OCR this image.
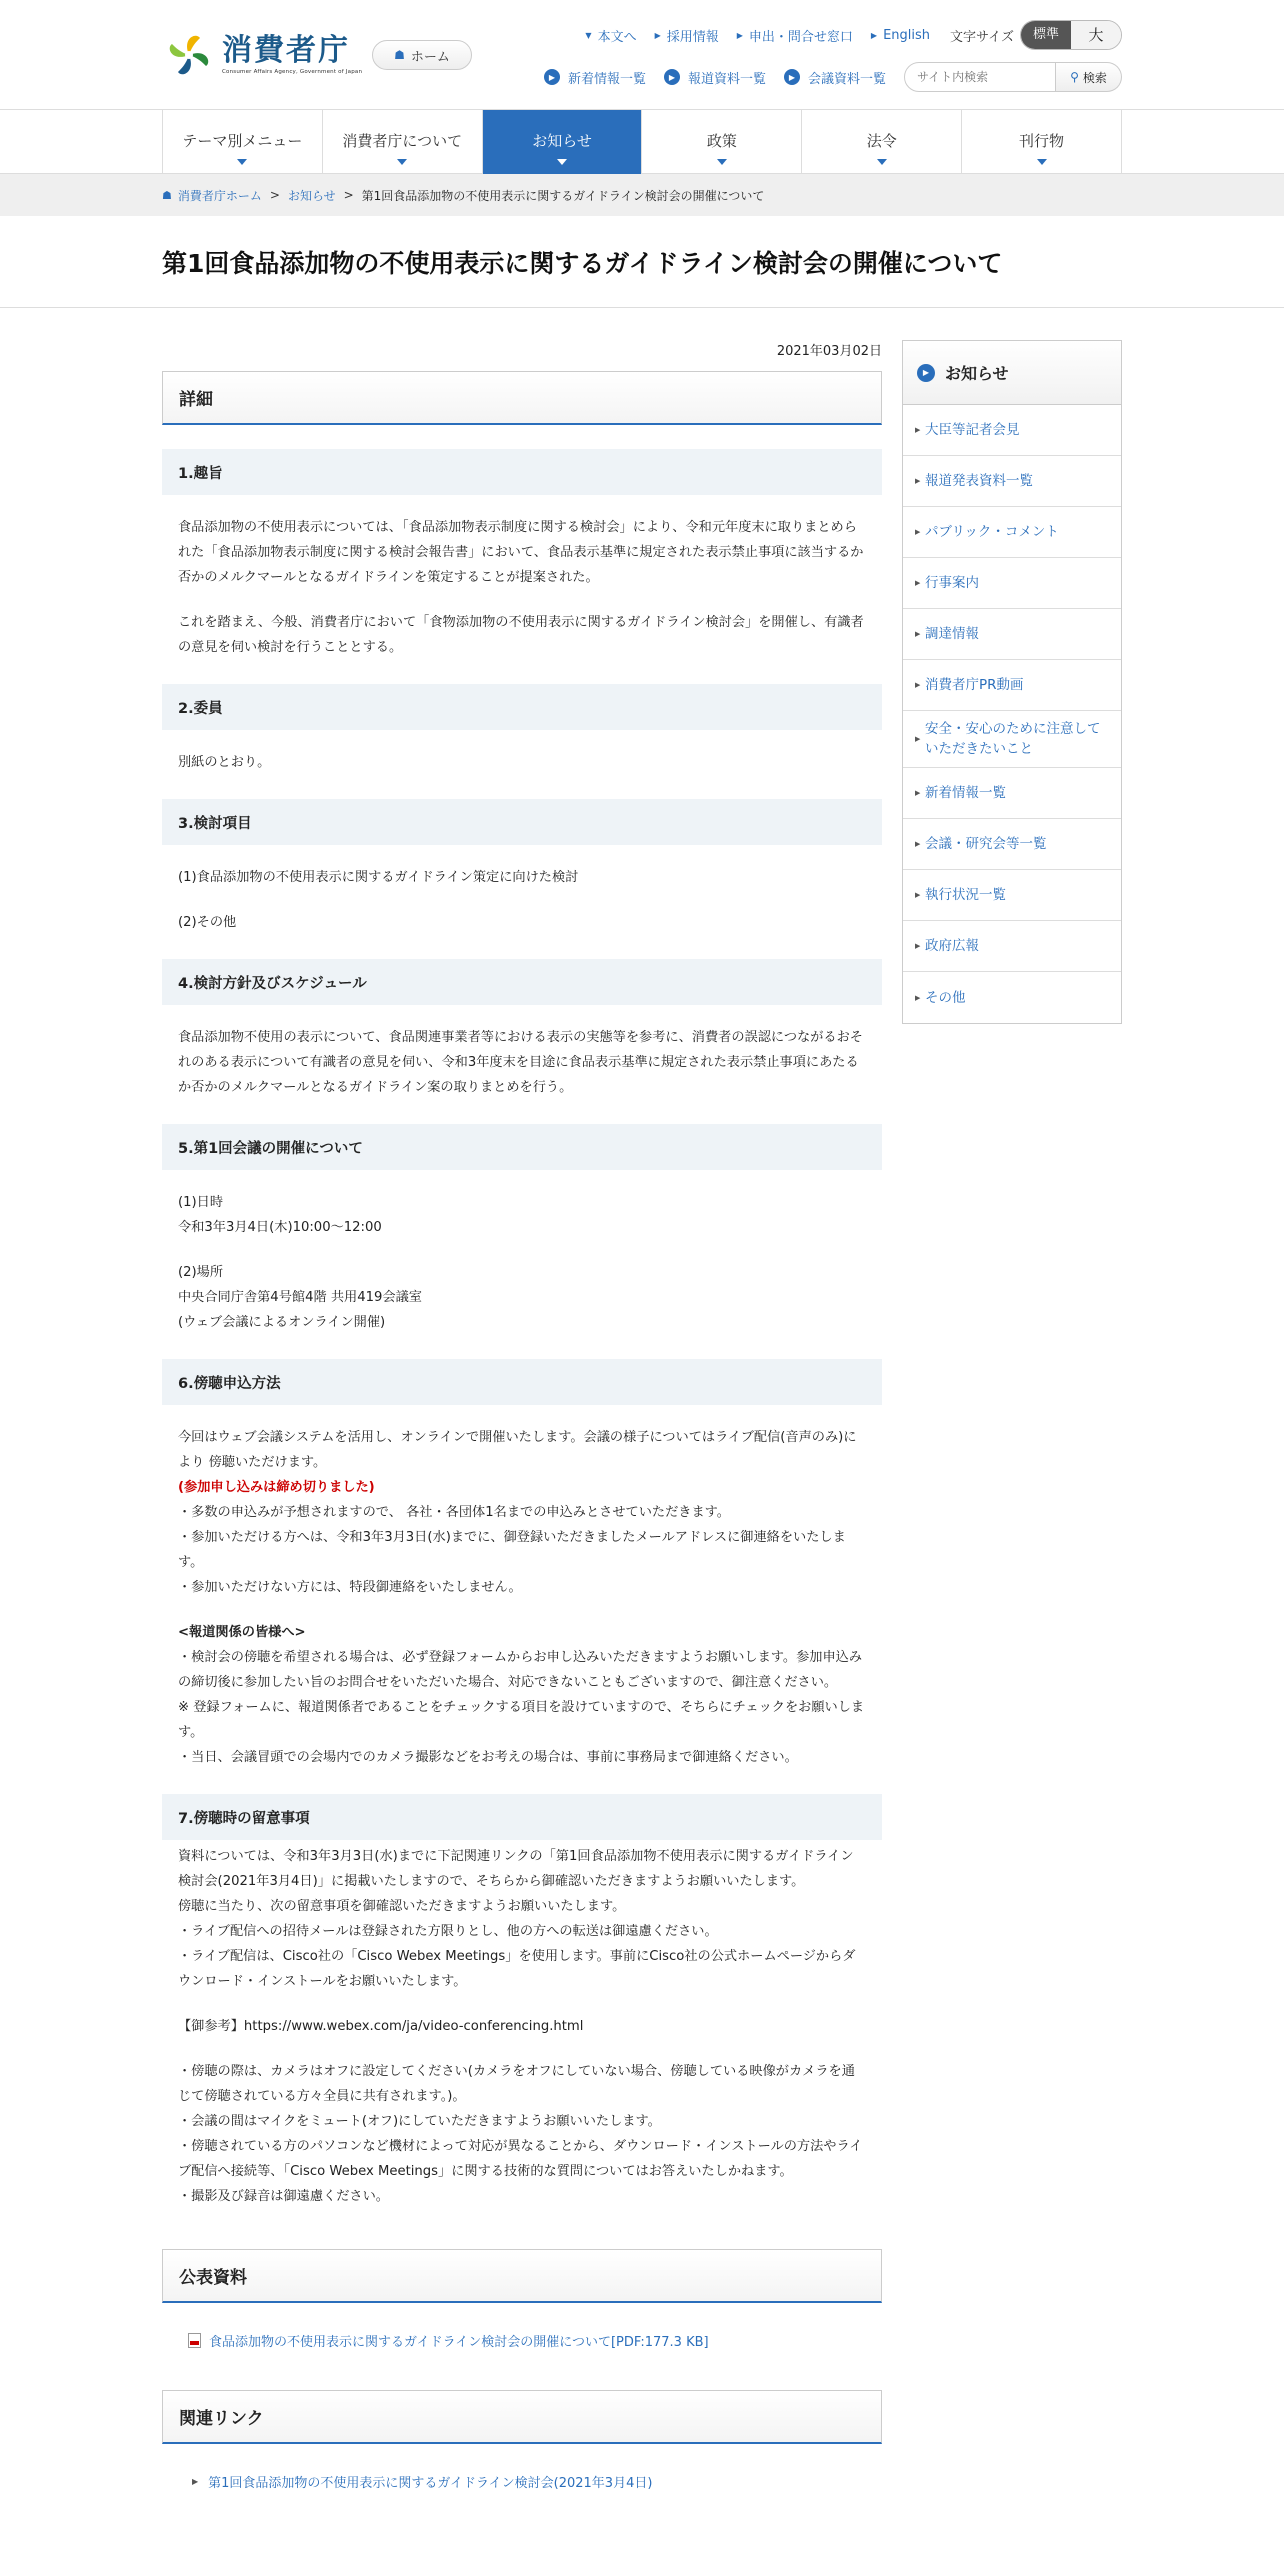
消費者庁
Consumer Affairs Agency, Government of Japan
☗ ホーム
▼ 本文へ ▶ 採用情報 ▶ 申出・問合せ窓口 ▶ English 文字サイズ	標準	大
▶ 新着情報一覧	▶ 報道資料一覧	▶ 会議資料一覧
サイト内検索	⚲ 検索
テーマ別メニュー	消費者庁について	お知らせ	政策	法令	刊行物
☗ 消費者庁ホーム > お知らせ > 第1回食品添加物の不使用表示に関するガイドライン検討会の開催について
第1回食品添加物の不使用表示に関するガイドライン検討会の開催について
2021年03月02日
詳細
1.趣旨

食品添加物の不使用表示については、「食品添加物表示制度に関する検討会」により、令和元年度末に取りまとめられた「食品添加物表示制度に関する検討会報告書」において、食品表示基準に規定された表示禁止事項に該当するか否かのメルクマールとなるガイドラインを策定することが提案された。

これを踏まえ、今般、消費者庁において「食物添加物の不使用表示に関するガイドライン検討会」を開催し、有識者の意見を伺い検討を行うこととする。

2.委員

別紙のとおり。

3.検討項目

(1)食品添加物の不使用表示に関するガイドライン策定に向けた検討

(2)その他

4.検討方針及びスケジュール

食品添加物不使用の表示について、食品関連事業者等における表示の実態等を参考に、消費者の誤認につながるおそれのある表示について有識者の意見を伺い、令和3年度末を目途に食品表示基準に規定された表示禁止事項にあたるか否かのメルクマールとなるガイドライン案の取りまとめを行う。

5.第1回会議の開催について
(1)日時
令和3年3月4日(木)10:00～12:00
(2)場所
中央合同庁舎第4号館4階 共用419会議室
(ウェブ会議によるオンライン開催)
6.傍聴申込方法
今回はウェブ会議システムを活用し、オンラインで開催いたします。会議の様子についてはライブ配信(音声のみ)により 傍聴いただけます。
(参加申し込みは締め切りました)
・多数の申込みが予想されますので、 各社・各団体1名までの申込みとさせていただきます。
・参加いただける方へは、令和3年3月3日(水)までに、御登録いただきましたメールアドレスに御連絡をいたします。
・参加いただけない方には、特段御連絡をいたしません。
<報道関係の皆様へ>
・検討会の傍聴を希望される場合は、必ず登録フォームからお申し込みいただきますようお願いします。参加申込みの締切後に参加したい旨のお問合せをいただいた場合、対応できないこともございますので、御注意ください。
※ 登録フォームに、報道関係者であることをチェックする項目を設けていますので、そちらにチェックをお願いします。
・当日、会議冒頭での会場内でのカメラ撮影などをお考えの場合は、事前に事務局まで御連絡ください。
7.傍聴時の留意事項
資料については、令和3年3月3日(水)までに下記関連リンクの「第1回食品添加物不使用表示に関するガイドライン検討会(2021年3月4日)」に掲載いたしますので、そちらから御確認いただきますようお願いいたします。
傍聴に当たり、次の留意事項を御確認いただきますようお願いいたします。
・ライブ配信への招待メールは登録された方限りとし、他の方への転送は御遠慮ください。
・ライブ配信は、Cisco社の「Cisco Webex Meetings」を使用します。事前にCisco社の公式ホームページからダウンロード・インストールをお願いいたします。

【御参考】https://www.webex.com/ja/video-conferencing.html

・傍聴の際は、カメラはオフに設定してください(カメラをオフにしていない場合、傍聴している映像がカメラを通じて傍聴されている方々全員に共有されます。)。
・会議の間はマイクをミュート(オフ)にしていただきますようお願いいたします。
・傍聴されている方のパソコンなど機材によって対応が異なることから、ダウンロード・インストールの方法やライブ配信へ接続等、「Cisco Webex Meetings」に関する技術的な質問についてはお答えいたしかねます。
・撮影及び録音は御遠慮ください。
公表資料
食品添加物の不使用表示に関するガイドライン検討会の開催について[PDF:177.3 KB]
関連リンク
▶ 第1回食品添加物の不使用表示に関するガイドライン検討会(2021年3月4日)
▶ お知らせ
▶ 大臣等記者会見
▶ 報道発表資料一覧
▶ パブリック・コメント
▶ 行事案内
▶ 調達情報
▶ 消費者庁PR動画
▶
安全・安心のために注意していただきたいこと
▶ 新着情報一覧
▶ 会議・研究会等一覧
▶ 執行状況一覧
▶ 政府広報
▶ その他
